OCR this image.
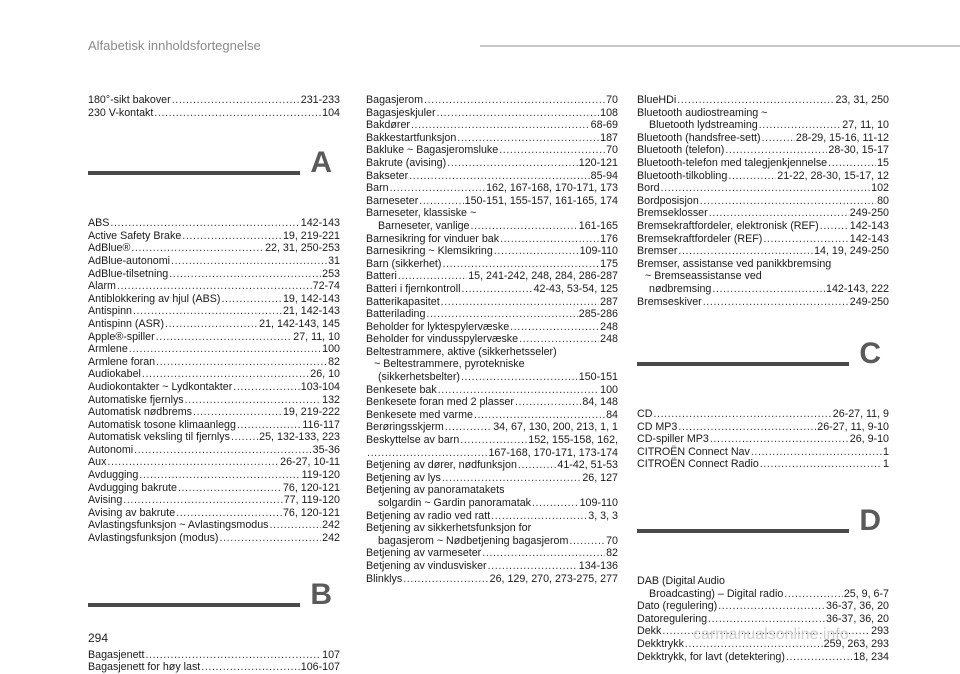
Alfabetisk innholdsfortegnelse
180°-sikt bakover .....	231-233
230 V-kontakt .....	104
A
ABS .....	142-143
Active Safety Brake .....	19, 219-221
AdBlue® .....	22, 31, 250-253
AdBlue-autonomi .....	31
AdBlue-tilsetning .....	253
Alarm .....	72-74
Antiblokkering av hjul (ABS) .....	19, 142-143
Antispinn .....	21, 142-143
Antispinn (ASR) .....	21, 142-143, 145
Apple®-spiller .....	27, 11, 10
Armlene .....	100
Armlene foran .....	82
Audiokabel .....	26, 10
Audiokontakter ~ Lydkontakter .....	103-104
Automatiske fjernlys .....	132
Automatisk nødbrems .....	19, 219-222
Automatisk tosone klimaanlegg .....	116-117
Automatisk veksling til fjernlys .....	25, 132-133, 223
Autonomi .....	35-36
Aux .....	26-27, 10-11
Avdugging .....	119-120
Avdugging bakrute .....	76, 120-121
Avising .....	77, 119-120
Avising av bakrute .....	76, 120-121
Avlastingsfunksjon ~ Avlastingsmodus .....	242
Avlastingsfunksjon (modus) .....	242
B
Bagasjenett .....	107
Bagasjenett for høy last .....	106-107
Bagasjerom .....	70
Bagasjeskjuler .....	108
Bakdører .....	68-69
Bakkestartfunksjon .....	187
Bakluke ~ Bagasjeromsluke .....	70
Bakrute (avising) .....	120-121
Bakseter .....	85-94
Barn .....	162, 167-168, 170-171, 173
Barneseter .....	150-151, 155-157, 161-165, 174
Barneseter, klassiske ~
Barneseter, vanlige .....	161-165
Barnesikring for vinduer bak .....	176
Barnesikring ~ Klemsikring .....	109-110
Barn (sikkerhet) .....	175
Batteri .....	15, 241-242, 248, 284, 286-287
Batteri i fjernkontroll .....	42-43, 53-54, 125
Batterikapasitet .....	287
Batterilading .....	285-286
Beholder for lyktespylervæske .....	248
Beholder for vindusspylervæske .....	248
Beltestrammere, aktive (sikkerhetsseler)
~ Beltestrammere, pyrotekniske
(sikkerhetsbelter) .....	150-151
Benkesete bak .....	100
Benkesete foran med 2 plasser .....	84, 148
Benkesete med varme .....	84
Berøringsskjerm .....	34, 67, 130, 200, 213, 1, 1
Beskyttelse av barn .....	152, 155-158, 162,
.....
167-168, 170-171, 173-174
Betjening av dører, nødfunksjon .....	41-42, 51-53
Betjening av lys .....	26, 127
Betjening av panoramatakets
solgardin ~ Gardin panoramatak .....	109-110
Betjening av radio ved ratt .....	3, 3, 3
Betjening av sikkerhetsfunksjon for
bagasjerom ~ Nødbetjening bagasjerom .....	70
Betjening av varmeseter .....	82
Betjening av vindusvisker .....	134-136
Blinklys .....	26, 129, 270, 273-275, 277
BlueHDi .....	23, 31, 250
Bluetooth audiostreaming ~
Bluetooth lydstreaming .....	27, 11, 10
Bluetooth (handsfree-sett) .....	28-29, 15-16, 11-12
Bluetooth (telefon) .....	28-30, 15-17
Bluetooth-telefon med talegjenkjennelse .....	15
Bluetooth-tilkobling .....	21-22, 28-30, 15-17, 12
Bord .....	102
Bordposisjon .....	80
Bremseklosser .....	249-250
Bremsekraftfordeler, elektronisk (REF) .....	142-143
Bremsekraftfordeler (REF) .....	142-143
Bremser .....	14, 19, 249-250
Bremser, assistanse ved panikkbremsing
~ Bremseassistanse ved
nødbremsing .....	142-143, 222
Bremseskiver .....	249-250
C
CD .....	26-27, 11, 9
CD MP3 .....	26-27, 11, 9-10
CD-spiller MP3 .....	26, 9-10
CITROËN Connect Nav .....	1
CITROËN Connect Radio .....	1
D
DAB (Digital Audio
Broadcasting) – Digital radio .....	25, 9, 6-7
Dato (regulering) .....	36-37, 36, 20
Datoregulering .....	36-37, 36, 20
Dekk .....	293
Dekktrykk .....	259, 263, 293
Dekktrykk, for lavt (detektering) .....	18, 234
294	carmanualsonline.info
